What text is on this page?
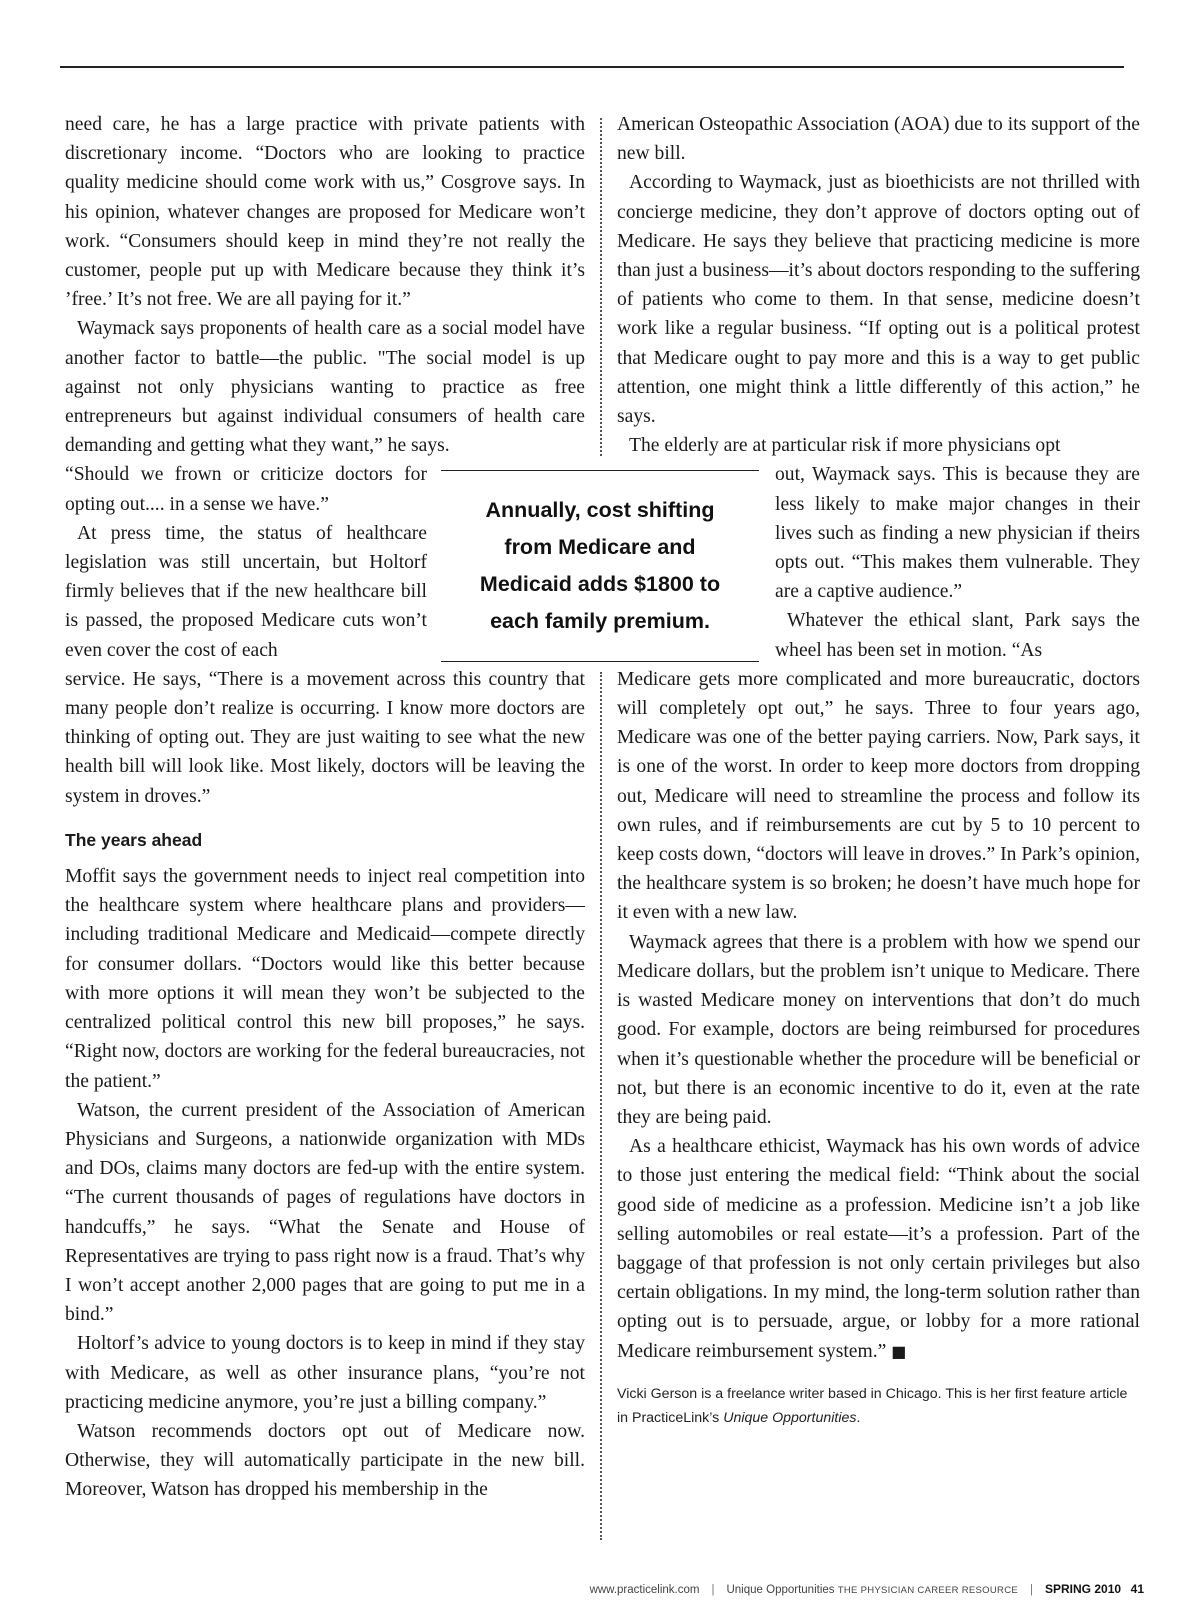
need care, he has a large practice with private patients with discretionary income. “Doctors who are looking to practice quality medicine should come work with us,” Cosgrove says. In his opinion, whatever changes are proposed for Medicare won’t work. “Consumers should keep in mind they’re not really the customer, people put up with Medicare because they think it’s ’free.’ It’s not free. We are all paying for it.”

Waymack says proponents of health care as a social model have another factor to battle—the public. "The social model is up against not only physicians wanting to practice as free entrepreneurs but against individual consumers of health care demanding and getting what they want,” he says.

“Should we frown or criticize doctors for opting out.... in a sense we have.”

At press time, the status of healthcare legislation was still uncertain, but Holtorf firmly believes that if the new healthcare bill is passed, the proposed Medicare cuts won’t even cover the cost of each

service. He says, “There is a movement across this country that many people don’t realize is occurring. I know more doctors are thinking of opting out. They are just waiting to see what the new health bill will look like. Most likely, doctors will be leaving the system in droves.”

The years ahead

Moffit says the government needs to inject real competition into the healthcare system where healthcare plans and providers—including traditional Medicare and Medicaid—compete directly for consumer dollars. “Doctors would like this better because with more options it will mean they won’t be subjected to the centralized political control this new bill proposes,” he says. “Right now, doctors are working for the federal bureaucracies, not the patient.”

Watson, the current president of the Association of American Physicians and Surgeons, a nationwide organization with MDs and DOs, claims many doctors are fed-up with the entire system. “The current thousands of pages of regulations have doctors in handcuffs,” he says. “What the Senate and House of Representatives are trying to pass right now is a fraud. That’s why I won’t accept another 2,000 pages that are going to put me in a bind.”

Holtorf’s advice to young doctors is to keep in mind if they stay with Medicare, as well as other insurance plans, “you’re not practicing medicine anymore, you’re just a billing company.”

Watson recommends doctors opt out of Medicare now. Otherwise, they will automatically participate in the new bill. Moreover, Watson has dropped his membership in the

Annually, cost shifting
from Medicare and
Medicaid adds $1800 to
each family premium.

American Osteopathic Association (AOA) due to its support of the new bill.

According to Waymack, just as bioethicists are not thrilled with concierge medicine, they don’t approve of doctors opting out of Medicare. He says they believe that practicing medicine is more than just a business—it’s about doctors responding to the suffering of patients who come to them. In that sense, medicine doesn’t work like a regular business. “If opting out is a political protest that Medicare ought to pay more and this is a way to get public attention, one might think a little differently of this action,” he says.

The elderly are at particular risk if more physicians opt

out, Waymack says. This is because they are less likely to make major changes in their lives such as finding a new physician if theirs opts out. “This makes them vulnerable. They are a captive audience.”

Whatever the ethical slant, Park says the wheel has been set in motion. “As

Medicare gets more complicated and more bureaucratic, doctors will completely opt out,” he says. Three to four years ago, Medicare was one of the better paying carriers. Now, Park says, it is one of the worst. In order to keep more doctors from dropping out, Medicare will need to streamline the process and follow its own rules, and if reimbursements are cut by 5 to 10 percent to keep costs down, “doctors will leave in droves.” In Park’s opinion, the healthcare system is so broken; he doesn’t have much hope for it even with a new law.

Waymack agrees that there is a problem with how we spend our Medicare dollars, but the problem isn’t unique to Medicare. There is wasted Medicare money on interventions that don’t do much good. For example, doctors are being reimbursed for procedures when it’s questionable whether the procedure will be beneficial or not, but there is an economic incentive to do it, even at the rate they are being paid.

As a healthcare ethicist, Waymack has his own words of advice to those just entering the medical field: “Think about the social good side of medicine as a profession. Medicine isn’t a job like selling automobiles or real estate—it’s a profession. Part of the baggage of that profession is not only certain privileges but also certain obligations. In my mind, the long-term solution rather than opting out is to persuade, argue, or lobby for a more rational Medicare reimbursement system.” ■

Vicki Gerson is a freelance writer based in Chicago. This is her first feature article in PracticeLink’s Unique Opportunities.

www.practicelink.com | Unique Opportunities THE PHYSICIAN CAREER RESOURCE | SPRING 2010 41
